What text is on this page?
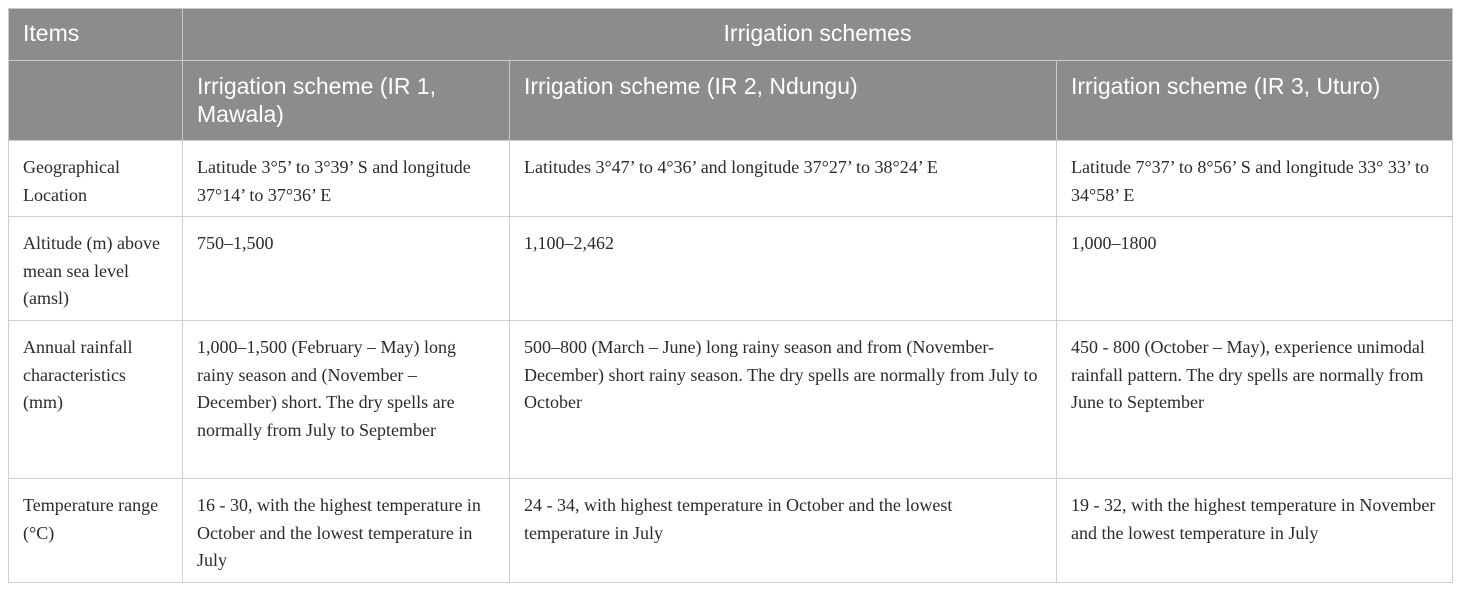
Items	Irrigation schemes		
	Irrigation scheme (IR 1, Mawala)	Irrigation scheme (IR 2, Ndungu)	Irrigation scheme (IR 3, Uturo)
Geographical Location	Latitude 3°5’ to 3°39’ S and longitude 37°14’ to 37°36’ E	Latitudes 3°47’ to 4°36’ and longitude 37°27’ to 38°24’ E	Latitude 7°37’ to 8°56’ S and longitude 33° 33’ to 34°58’ E
Altitude (m) above mean sea level (amsl)	750–1,500	1,100–2,462	1,000–1800
Annual rainfall characteristics (mm)	1,000–1,500 (February – May) long rainy season and (November – December) short. The dry spells are normally from July to September	500–800 (March – June) long rainy season and from (November-December) short rainy season. The dry spells are normally from July to October	450 - 800 (October – May), experience unimodal rainfall pattern. The dry spells are normally from June to September
Temperature range (°C)	16 - 30, with the highest temperature in October and the lowest temperature in July	24 - 34, with highest temperature in October and the lowest temperature in July	19 - 32, with the highest temperature in November and the lowest temperature in July
